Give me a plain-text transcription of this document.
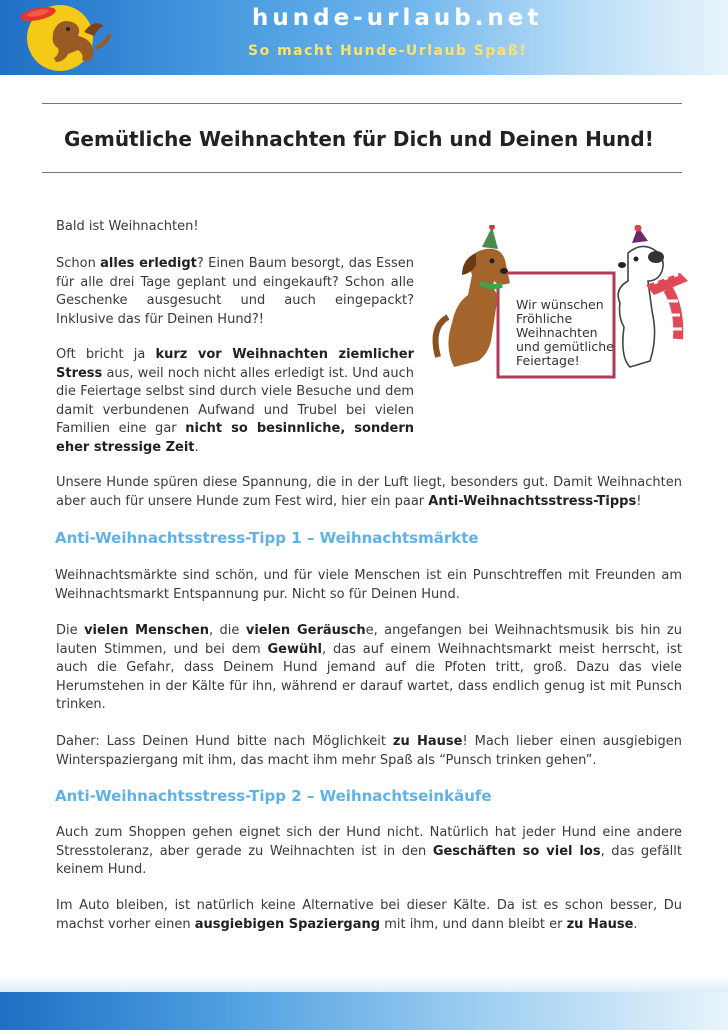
hunde-urlaub.net
So macht Hunde-Urlaub Spaß!
Gemütliche Weihnachten für Dich und Deinen Hund!
Wir wünschen
Fröhliche
Weihnachten
und gemütliche
Feiertage!

Bald ist Weihnachten!

Schon alles erledigt? Einen Baum besorgt, das Essen für alle drei Tage geplant und eingekauft? Schon alle Geschenke ausgesucht und auch eingepackt? Inklusive das für Deinen Hund?!

Oft bricht ja kurz vor Weihnachten ziemlicher Stress aus, weil noch nicht alles erledigt ist. Und auch die Feiertage selbst sind durch viele Besuche und dem damit verbundenen Aufwand und Trubel bei vielen Familien eine gar nicht so besinnliche, sondern eher stressige Zeit.

Unsere Hunde spüren diese Spannung, die in der Luft liegt, besonders gut. Damit Weihnachten aber auch für unsere Hunde zum Fest wird, hier ein paar Anti-Weihnachtsstress-Tipps!

Anti-Weihnachtsstress-Tipp 1 – Weihnachtsmärkte

Weihnachtsmärkte sind schön, und für viele Menschen ist ein Punschtreffen mit Freunden am Weihnachtsmarkt Entspannung pur. Nicht so für Deinen Hund.

Die vielen Menschen, die vielen Geräusche, angefangen bei Weihnachtsmusik bis hin zu lauten Stimmen, und bei dem Gewühl, das auf einem Weihnachtsmarkt meist herrscht, ist auch die Gefahr, dass Deinem Hund jemand auf die Pfoten tritt, groß. Dazu das viele Herumstehen in der Kälte für ihn, während er darauf wartet, dass endlich genug ist mit Punsch trinken.

Daher: Lass Deinen Hund bitte nach Möglichkeit zu Hause! Mach lieber einen ausgiebigen Winterspaziergang mit ihm, das macht ihm mehr Spaß als “Punsch trinken gehen”.

Anti-Weihnachtsstress-Tipp 2 – Weihnachtseinkäufe

Auch zum Shoppen gehen eignet sich der Hund nicht. Natürlich hat jeder Hund eine andere Stresstoleranz, aber gerade zu Weihnachten ist in den Geschäften so viel los, das gefällt keinem Hund.

Im Auto bleiben, ist natürlich keine Alternative bei dieser Kälte. Da ist es schon besser, Du machst vorher einen ausgiebigen Spaziergang mit ihm, und dann bleibt er zu Hause.
